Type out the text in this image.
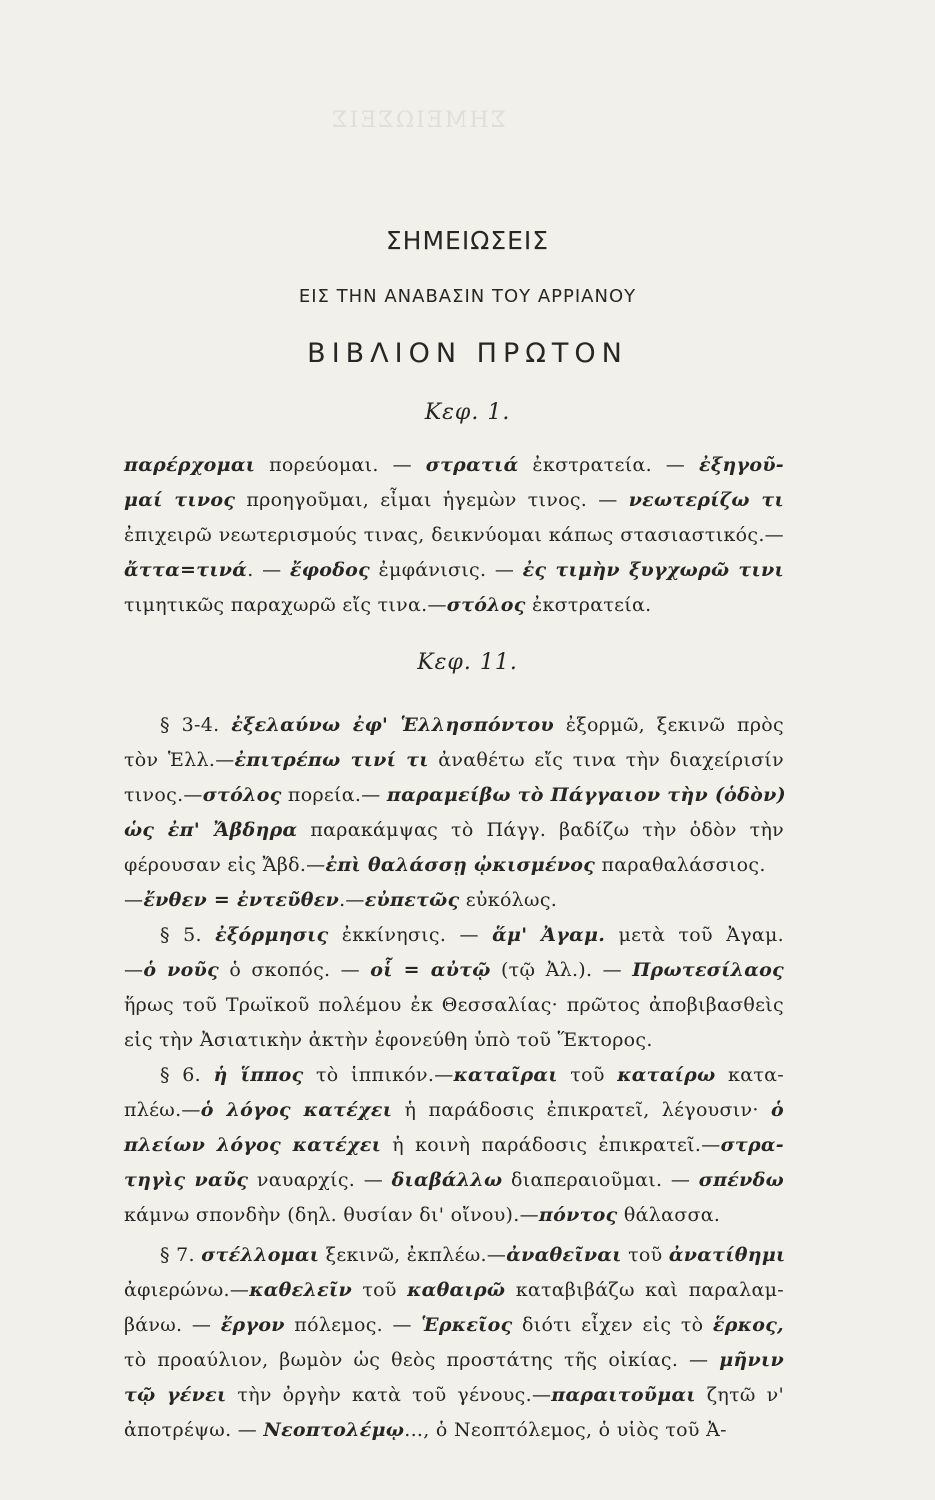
ΣΗΜΕΙΩΣΕΙΣ
ΣΗΜΕΙΩΣΕΙΣ
ΕΙΣ ΤΗΝ ΑΝΑΒΑΣΙΝ ΤΟΥ ΑΡΡΙΑΝΟΥ
ΒΙΒΛΙΟΝ ΠΡΩΤΟΝ
Κεφ. 1.
Κεφ. 11.
παρέρχομαι πορεύομαι. — στρατιά ἐκστρατεία. — ἐξηγοῦ-
μαί τινος προηγοῦμαι, εἶμαι ἡγεμὼν τινος. — νεωτερίζω τι
ἐπιχειρῶ νεωτερισμούς τινας, δεικνύομαι κάπως στασιαστικός.—
ἄττα=τινά. — ἔφοδος ἐμφάνισις. — ἐς τιμὴν ξυγχωρῶ τινι
τιμητικῶς παραχωρῶ εἴς τινα.—στόλος ἐκστρατεία.
§ 3-4. ἐξελαύνω ἐφ' Ἑλλησπόντου ἐξορμῶ, ξεκινῶ πρὸς
τὸν Ἑλλ.—ἐπιτρέπω τινί τι ἀναθέτω εἴς τινα τὴν διαχείρισίν
τινος.—στόλος πορεία.— παραμείβω τὸ Πάγγαιον τὴν (ὁδὸν)
ὡς ἐπ' Ἄβδηρα παρακάμψας τὸ Πάγγ. βαδίζω τὴν ὁδὸν τὴν
φέρουσαν εἰς Ἄβδ.—ἐπὶ θαλάσσῃ ᾠκισμένος παραθαλάσσιος.
—ἔνθεν = ἐντεῦθεν.—εὐπετῶς εὐκόλως.
§ 5. ἐξόρμησις ἐκκίνησις. — ἅμ' Ἀγαμ. μετὰ τοῦ Ἀγαμ.
—ὁ νοῦς ὁ σκοπός. — οἷ = αὐτῷ (τῷ Ἀλ.). — Πρωτεσίλαος
ἥρως τοῦ Τρωϊκοῦ πολέμου ἐκ Θεσσαλίας· πρῶτος ἀποβιβασθεὶς
εἰς τὴν Ἀσιατικὴν ἀκτὴν ἐφονεύθη ὑπὸ τοῦ Ἕκτορος.
§ 6. ἡ ἵππος τὸ ἱππικόν.—καταῖραι τοῦ καταίρω κατα-
πλέω.—ὁ λόγος κατέχει ἡ παράδοσις ἐπικρατεῖ, λέγουσιν· ὁ
πλείων λόγος κατέχει ἡ κοινὴ παράδοσις ἐπικρατεῖ.—στρα-
τηγὶς ναῦς ναυαρχίς. — διαβάλλω διαπεραιοῦμαι. — σπένδω
κάμνω σπονδὴν (δηλ. θυσίαν δι' οἴνου).—πόντος θάλασσα.
§ 7. στέλλομαι ξεκινῶ, ἐκπλέω.—ἀναθεῖναι τοῦ ἀνατίθημι
ἀφιερώνω.—καθελεῖν τοῦ καθαιρῶ καταβιβάζω καὶ παραλαμ-
βάνω. — ἔργον πόλεμος. — Ἑρκεῖος διότι εἶχεν εἰς τὸ ἕρκος,
τὸ προαύλιον, βωμὸν ὡς θεὸς προστάτης τῆς οἰκίας. — μῆνιν
τῷ γένει τὴν ὀργὴν κατὰ τοῦ γένους.—παραιτοῦμαι ζητῶ ν'
ἀποτρέψω. — Νεοπτολέμῳ..., ὁ Νεοπτόλεμος, ὁ υἱὸς τοῦ Ἀ-
